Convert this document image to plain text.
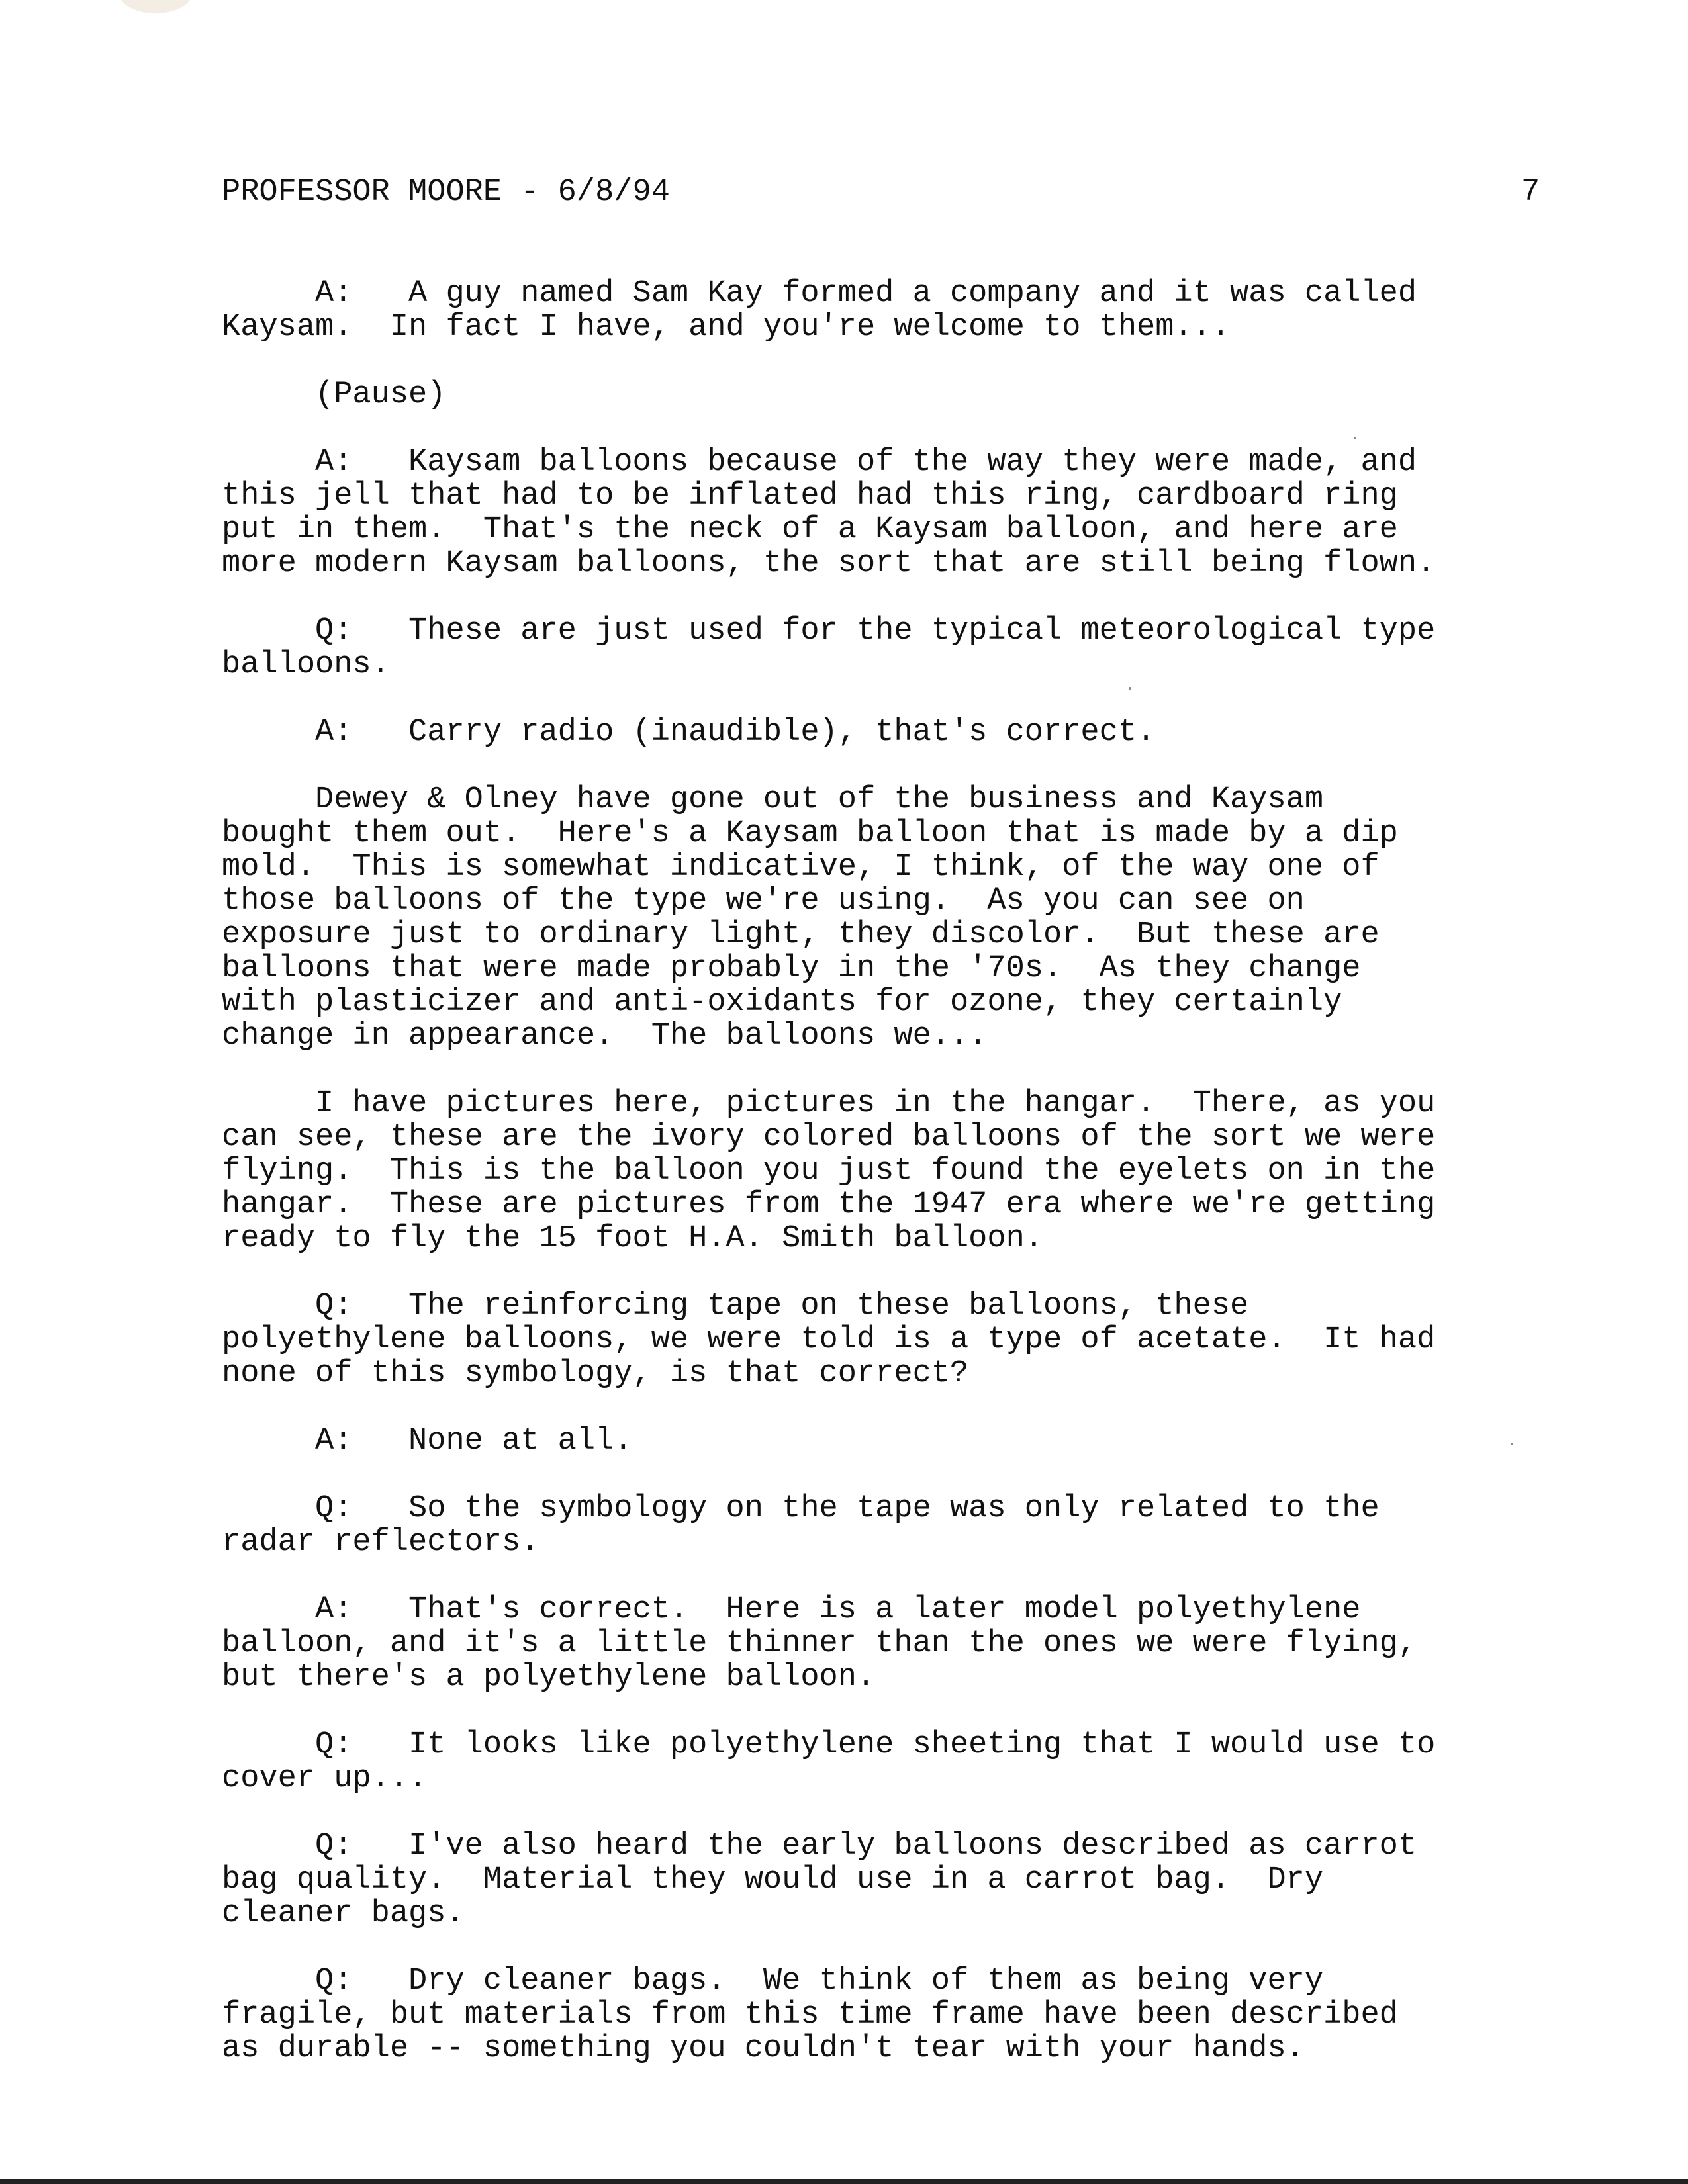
PROFESSOR MOORE - 6/8/94	7

A:   A guy named Sam Kay formed a company and it was called
Kaysam.  In fact I have, and you're welcome to them...

(Pause)

A:   Kaysam balloons because of the way they were made, and
this jell that had to be inflated had this ring, cardboard ring
put in them.  That's the neck of a Kaysam balloon, and here are
more modern Kaysam balloons, the sort that are still being flown.

Q:   These are just used for the typical meteorological type
balloons.

A:   Carry radio (inaudible), that's correct.

Dewey & Olney have gone out of the business and Kaysam
bought them out.  Here's a Kaysam balloon that is made by a dip
mold.  This is somewhat indicative, I think, of the way one of
those balloons of the type we're using.  As you can see on
exposure just to ordinary light, they discolor.  But these are
balloons that were made probably in the '70s.  As they change
with plasticizer and anti-oxidants for ozone, they certainly
change in appearance.  The balloons we...

I have pictures here, pictures in the hangar.  There, as you
can see, these are the ivory colored balloons of the sort we were
flying.  This is the balloon you just found the eyelets on in the
hangar.  These are pictures from the 1947 era where we're getting
ready to fly the 15 foot H.A. Smith balloon.

Q:   The reinforcing tape on these balloons, these
polyethylene balloons, we were told is a type of acetate.  It had
none of this symbology, is that correct?

A:   None at all.

Q:   So the symbology on the tape was only related to the
radar reflectors.

A:   That's correct.  Here is a later model polyethylene
balloon, and it's a little thinner than the ones we were flying,
but there's a polyethylene balloon.

Q:   It looks like polyethylene sheeting that I would use to
cover up...

Q:   I've also heard the early balloons described as carrot
bag quality.  Material they would use in a carrot bag.  Dry
cleaner bags.

Q:   Dry cleaner bags.  We think of them as being very
fragile, but materials from this time frame have been described
as durable -- something you couldn't tear with your hands.
